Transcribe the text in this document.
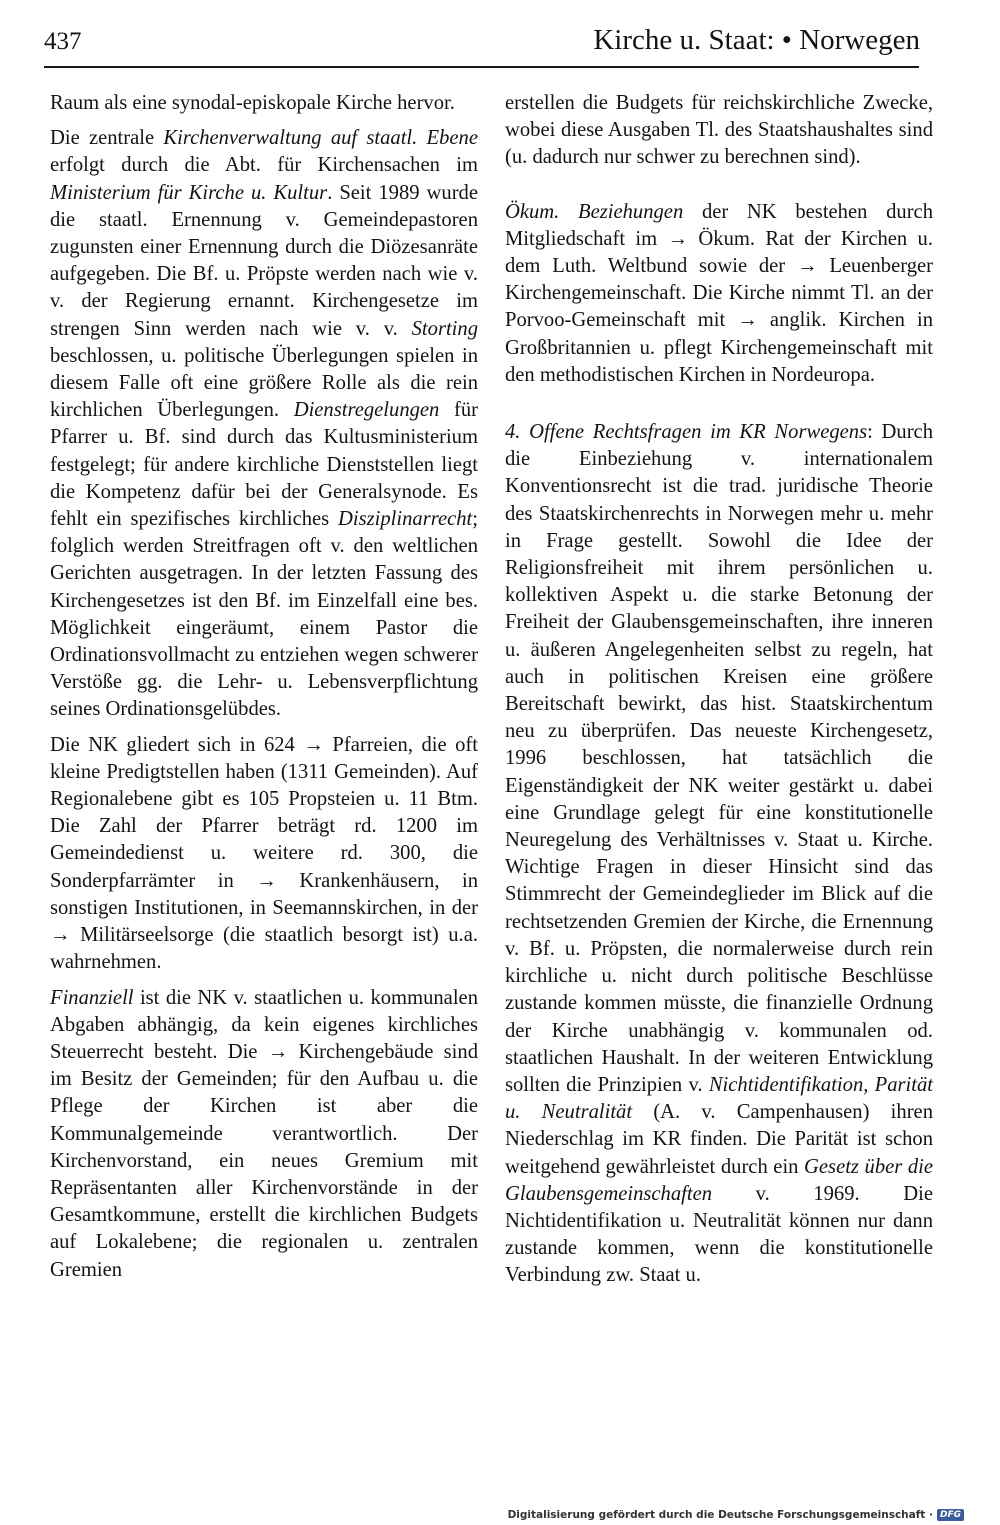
437	Kirche u. Staat: • Norwegen

Raum als eine synodal-episkopale Kirche hervor.

Die zentrale Kirchenverwaltung auf staatl. Ebene erfolgt durch die Abt. für Kirchensachen im Ministerium für Kirche u. Kultur. Seit 1989 wurde die staatl. Ernennung v. Gemeindepastoren zugunsten einer Ernennung durch die Diözesanräte aufgegeben. Die Bf. u. Pröpste werden nach wie v. v. der Regierung ernannt. Kirchengesetze im strengen Sinn werden nach wie v. v. Storting beschlossen, u. politische Überlegungen spielen in diesem Falle oft eine größere Rolle als die rein kirchlichen Überlegungen. Dienstregelungen für Pfarrer u. Bf. sind durch das Kultusministerium festgelegt; für andere kirchliche Dienststellen liegt die Kompetenz dafür bei der Generalsynode. Es fehlt ein spezifisches kirchliches Disziplinarrecht; folglich werden Streitfragen oft v. den weltlichen Gerichten ausgetragen. In der letzten Fassung des Kirchengesetzes ist den Bf. im Einzelfall eine bes. Möglichkeit eingeräumt, einem Pastor die Ordinationsvollmacht zu entziehen wegen schwerer Verstöße gg. die Lehr- u. Lebensverpflichtung seines Ordinationsgelübdes.

Die NK gliedert sich in 624 → Pfarreien, die oft kleine Predigtstellen haben (1311 Gemeinden). Auf Regionalebene gibt es 105 Propsteien u. 11 Btm. Die Zahl der Pfarrer beträgt rd. 1200 im Gemeindedienst u. weitere rd. 300, die Sonderpfarrämter in → Krankenhäusern, in sonstigen Institutionen, in Seemannskirchen, in der → Militärseelsorge (die staatlich besorgt ist) u.a. wahrnehmen.

Finanziell ist die NK v. staatlichen u. kommunalen Abgaben abhängig, da kein eigenes kirchliches Steuerrecht besteht. Die → Kirchengebäude sind im Besitz der Gemeinden; für den Aufbau u. die Pflege der Kirchen ist aber die Kommunalgemeinde verantwortlich. Der Kirchenvorstand, ein neues Gremium mit Repräsentanten aller Kirchenvorstände in der Gesamtkommune, erstellt die kirchlichen Budgets auf Lokalebene; die regionalen u. zentralen Gremien

erstellen die Budgets für reichskirchliche Zwecke, wobei diese Ausgaben Tl. des Staatshaushaltes sind (u. dadurch nur schwer zu berechnen sind).

Ökum. Beziehungen der NK bestehen durch Mitgliedschaft im → Ökum. Rat der Kirchen u. dem Luth. Weltbund sowie der → Leuenberger Kirchengemeinschaft. Die Kirche nimmt Tl. an der Porvoo-Gemeinschaft mit → anglik. Kirchen in Großbritannien u. pflegt Kirchengemeinschaft mit den methodistischen Kirchen in Nordeuropa.

4. Offene Rechtsfragen im KR Norwegens: Durch die Einbeziehung v. internationalem Konventionsrecht ist die trad. juridische Theorie des Staatskirchenrechts in Norwegen mehr u. mehr in Frage gestellt. Sowohl die Idee der Religionsfreiheit mit ihrem persönlichen u. kollektiven Aspekt u. die starke Betonung der Freiheit der Glaubensgemeinschaften, ihre inneren u. äußeren Angelegenheiten selbst zu regeln, hat auch in politischen Kreisen eine größere Bereitschaft bewirkt, das hist. Staatskirchentum neu zu überprüfen. Das neueste Kirchengesetz, 1996 beschlossen, hat tatsächlich die Eigenständigkeit der NK weiter gestärkt u. dabei eine Grundlage gelegt für eine konstitutionelle Neuregelung des Verhältnisses v. Staat u. Kirche. Wichtige Fragen in dieser Hinsicht sind das Stimmrecht der Gemeindeglieder im Blick auf die rechtsetzenden Gremien der Kirche, die Ernennung v. Bf. u. Pröpsten, die normalerweise durch rein kirchliche u. nicht durch politische Beschlüsse zustande kommen müsste, die finanzielle Ordnung der Kirche unabhängig v. kommunalen od. staatlichen Haushalt. In der weiteren Entwicklung sollten die Prinzipien v. Nichtidentifikation, Parität u. Neutralität (A. v. Campenhausen) ihren Niederschlag im KR finden. Die Parität ist schon weitgehend gewährleistet durch ein Gesetz über die Glaubensgemeinschaften v. 1969. Die Nichtidentifikation u. Neutralität können nur dann zustande kommen, wenn die konstitutionelle Verbindung zw. Staat u.

Digitalisierung gefördert durch die Deutsche Forschungsgemeinschaft · DFG
